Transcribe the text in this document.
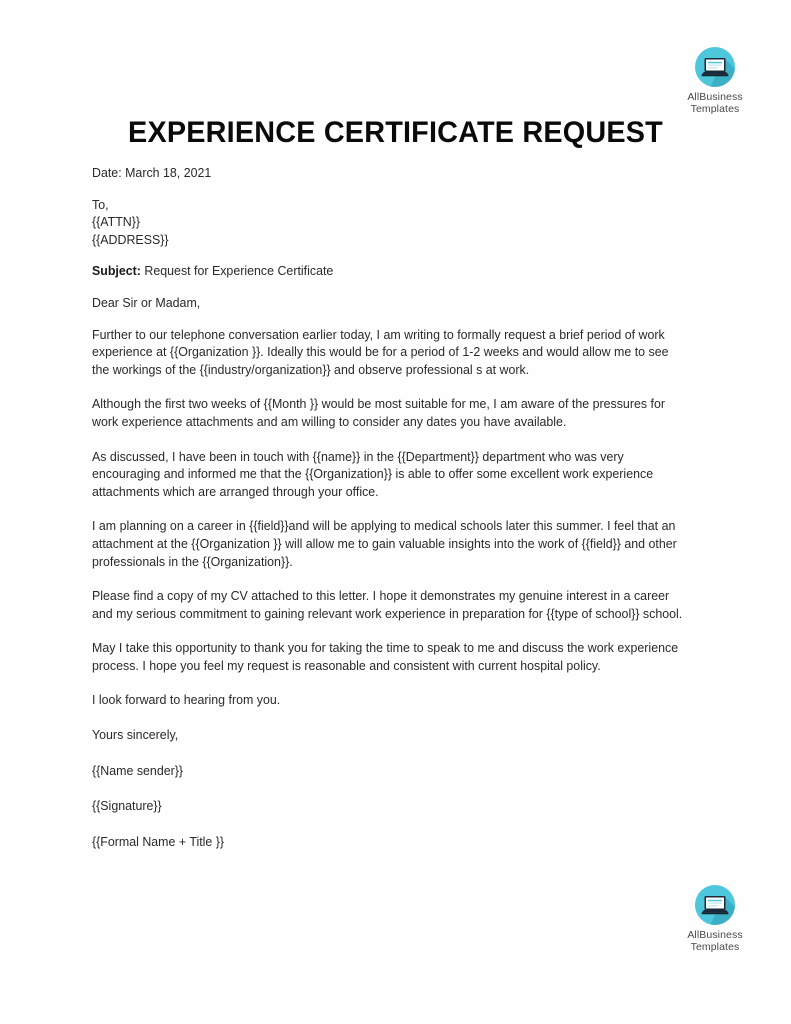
AllBusiness
Templates
EXPERIENCE CERTIFICATE REQUEST
Date: March 18, 2021
To,
{{ATTN}}
{{ADDRESS}}
Subject: Request for Experience Certificate
Dear Sir or Madam,

Further to our telephone conversation earlier today, I am writing to formally request a brief period of work experience at {{Organization }}. Ideally this would be for a period of 1-2 weeks and would allow me to see the workings of the {{industry/organization}} and observe professional s at work.

Although the first two weeks of {{Month }} would be most suitable for me, I am aware of the pressures for work experience attachments and am willing to consider any dates you have available.

As discussed, I have been in touch with {{name}} in the {{Department}} department who was very encouraging and informed me that the {{Organization}} is able to offer some excellent work experience attachments which are arranged through your office.

I am planning on a career in {{field}}and will be applying to medical schools later this summer. I feel that an attachment at the {{Organization }} will allow me to gain valuable insights into the work of {{field}} and other professionals in the {{Organization}}.

Please find a copy of my CV attached to this letter. I hope it demonstrates my genuine interest in a career and my serious commitment to gaining relevant work experience in preparation for {{type of school}} school.

May I take this opportunity to thank you for taking the time to speak to me and discuss the work experience process. I hope you feel my request is reasonable and consistent with current hospital policy.

I look forward to hearing from you.

Yours sincerely,
{{Name sender}}
{{Signature}}
{{Formal Name + Title }}
AllBusiness
Templates
